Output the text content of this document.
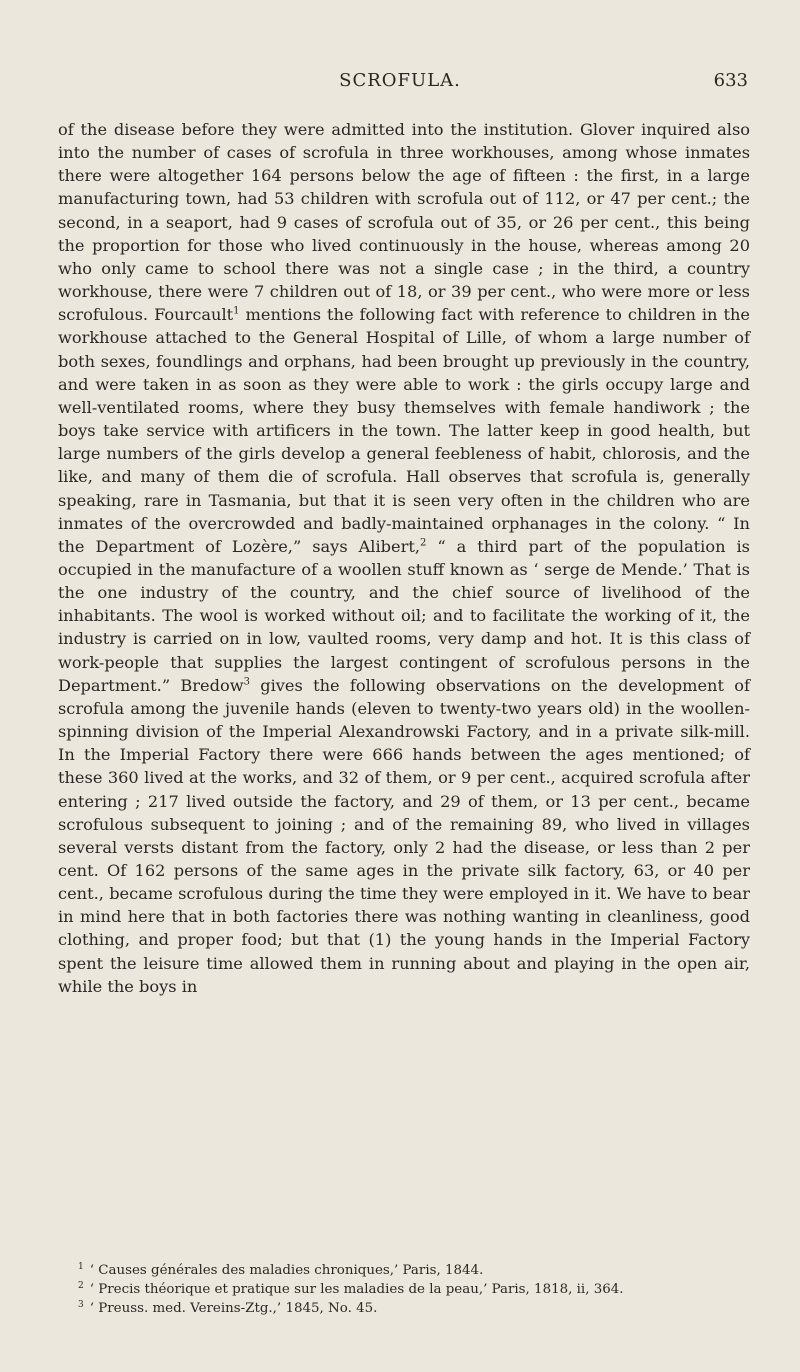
SCROFULA.	633

of the disease before they were admitted into the institution. Glover inquired also into the number of cases of scrofula in three workhouses, among whose inmates there were altogether 164 persons below the age of fifteen : the first, in a large manufacturing town, had 53 children with scrofula out of 112, or 47 per cent.; the second, in a seaport, had 9 cases of scrofula out of 35, or 26 per cent., this being the proportion for those who lived continuously in the house, whereas among 20 who only came to school there was not a single case ; in the third, a country workhouse, there were 7 children out of 18, or 39 per cent., who were more or less scrofulous. Fourcault$^1$ mentions the following fact with reference to children in the workhouse attached to the General Hospital of Lille, of whom a large number of both sexes, foundlings and orphans, had been brought up previously in the country, and were taken in as soon as they were able to work : the girls occupy large and well-ventilated rooms, where they busy themselves with female handiwork ; the boys take service with artificers in the town. The latter keep in good health, but large numbers of the girls develop a general feebleness of habit, chlorosis, and the like, and many of them die of scrofula. Hall observes that scrofula is, generally speaking, rare in Tasmania, but that it is seen very often in the children who are inmates of the overcrowded and badly-maintained orphanages in the colony. “ In the Department of Lozère,” says Alibert,$^2$ “ a third part of the population is occupied in the manufacture of a woollen stuff known as ‘ serge de Mende.’ That is the one industry of the country, and the chief source of livelihood of the inhabitants. The wool is worked without oil; and to facilitate the working of it, the industry is carried on in low, vaulted rooms, very damp and hot. It is this class of work-people that supplies the largest contingent of scrofulous persons in the Department.” Bredow$^3$ gives the following observations on the development of scrofula among the juvenile hands (eleven to twenty-two years old) in the woollen-spinning division of the Imperial Alexandrowski Factory, and in a private silk-mill. In the Imperial Factory there were 666 hands between the ages mentioned; of these 360 lived at the works, and 32 of them, or 9 per cent., acquired scrofula after entering ; 217 lived outside the factory, and 29 of them, or 13 per cent., became scrofulous subsequent to joining ; and of the remaining 89, who lived in villages several versts distant from the factory, only 2 had the disease, or less than 2 per cent. Of 162 persons of the same ages in the private silk factory, 63, or 40 per cent., became scrofulous during the time they were employed in it. We have to bear in mind here that in both factories there was nothing wanting in cleanliness, good clothing, and proper food; but that (1) the young hands in the Imperial Factory spent the leisure time allowed them in running about and playing in the open air, while the boys in

$^1$ ‘ Causes générales des maladies chroniques,’ Paris, 1844.

$^2$ ‘ Precis théorique et pratique sur les maladies de la peau,’ Paris, 1818, ii, 364.

$^3$ ‘ Preuss. med. Vereins-Ztg.,’ 1845, No. 45.
